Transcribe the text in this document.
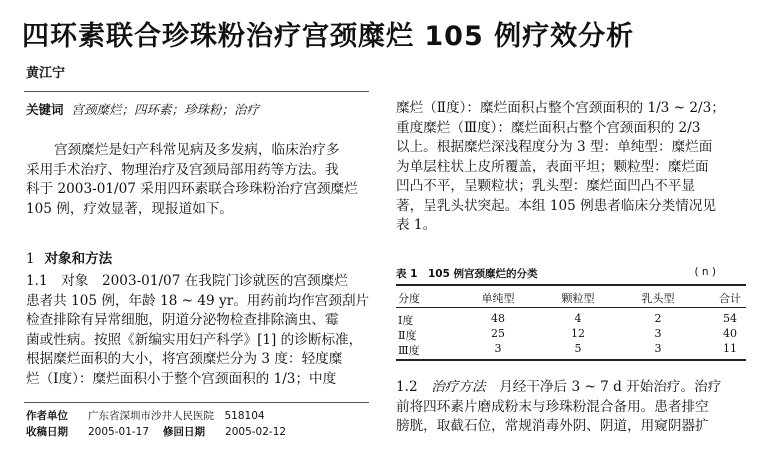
四环素联合珍珠粉治疗宫颈糜烂 105 例疗效分析
黄江宁
关键词 宫颈糜烂；四环素；珍珠粉；治疗
宫颈糜烂是妇产科常见病及多发病，临床治疗多
采用手术治疗、物理治疗及宫颈局部用药等方法。我
科于 2003-01/07 采用四环素联合珍珠粉治疗宫颈糜烂
105 例，疗效显著，现报道如下。
1 对象和方法
1.1　对象　2003-01/07 在我院门诊就医的宫颈糜烂
患者共 105 例，年龄 18 ~ 49 yr。用药前均作宫颈刮片
检查排除有异常细胞，阴道分泌物检查排除滴虫、霉
菌或性病。按照《新编实用妇产科学》[1] 的诊断标准，
根据糜烂面积的大小，将宫颈糜烂分为 3 度：轻度糜
烂（Ⅰ度）：糜烂面积小于整个宫颈面积的 1/3；中度
作者单位 广东省深圳市沙井人民医院　518104
收稿日期 2005-01-17 修回日期 2005-02-12
糜烂（Ⅱ度）：糜烂面积占整个宫颈面积的 1/3 ~ 2/3；
重度糜烂（Ⅲ度）：糜烂面积占整个宫颈面积的 2/3
以上。根据糜烂深浅程度分为 3 型：单纯型：糜烂面
为单层柱状上皮所覆盖，表面平坦；颗粒型：糜烂面
凹凸不平，呈颗粒状；乳头型：糜烂面凹凸不平显
著，呈乳头状突起。本组 105 例患者临床分类情况见
表 1。
表 1　105 例宫颈糜烂的分类	( n )
分度	单纯型	颗粒型	乳头型	合计
Ⅰ度	48	4	2	54
Ⅱ度	25	12	3	40
Ⅲ度	3	5	3	11
1.2　 治疗方法　 月经干净后 3 ~ 7 d 开始治疗。治疗
前将四环素片磨成粉末与珍珠粉混合备用。患者排空
膀胱，取截石位，常规消毒外阴、阴道，用窥阴器扩
